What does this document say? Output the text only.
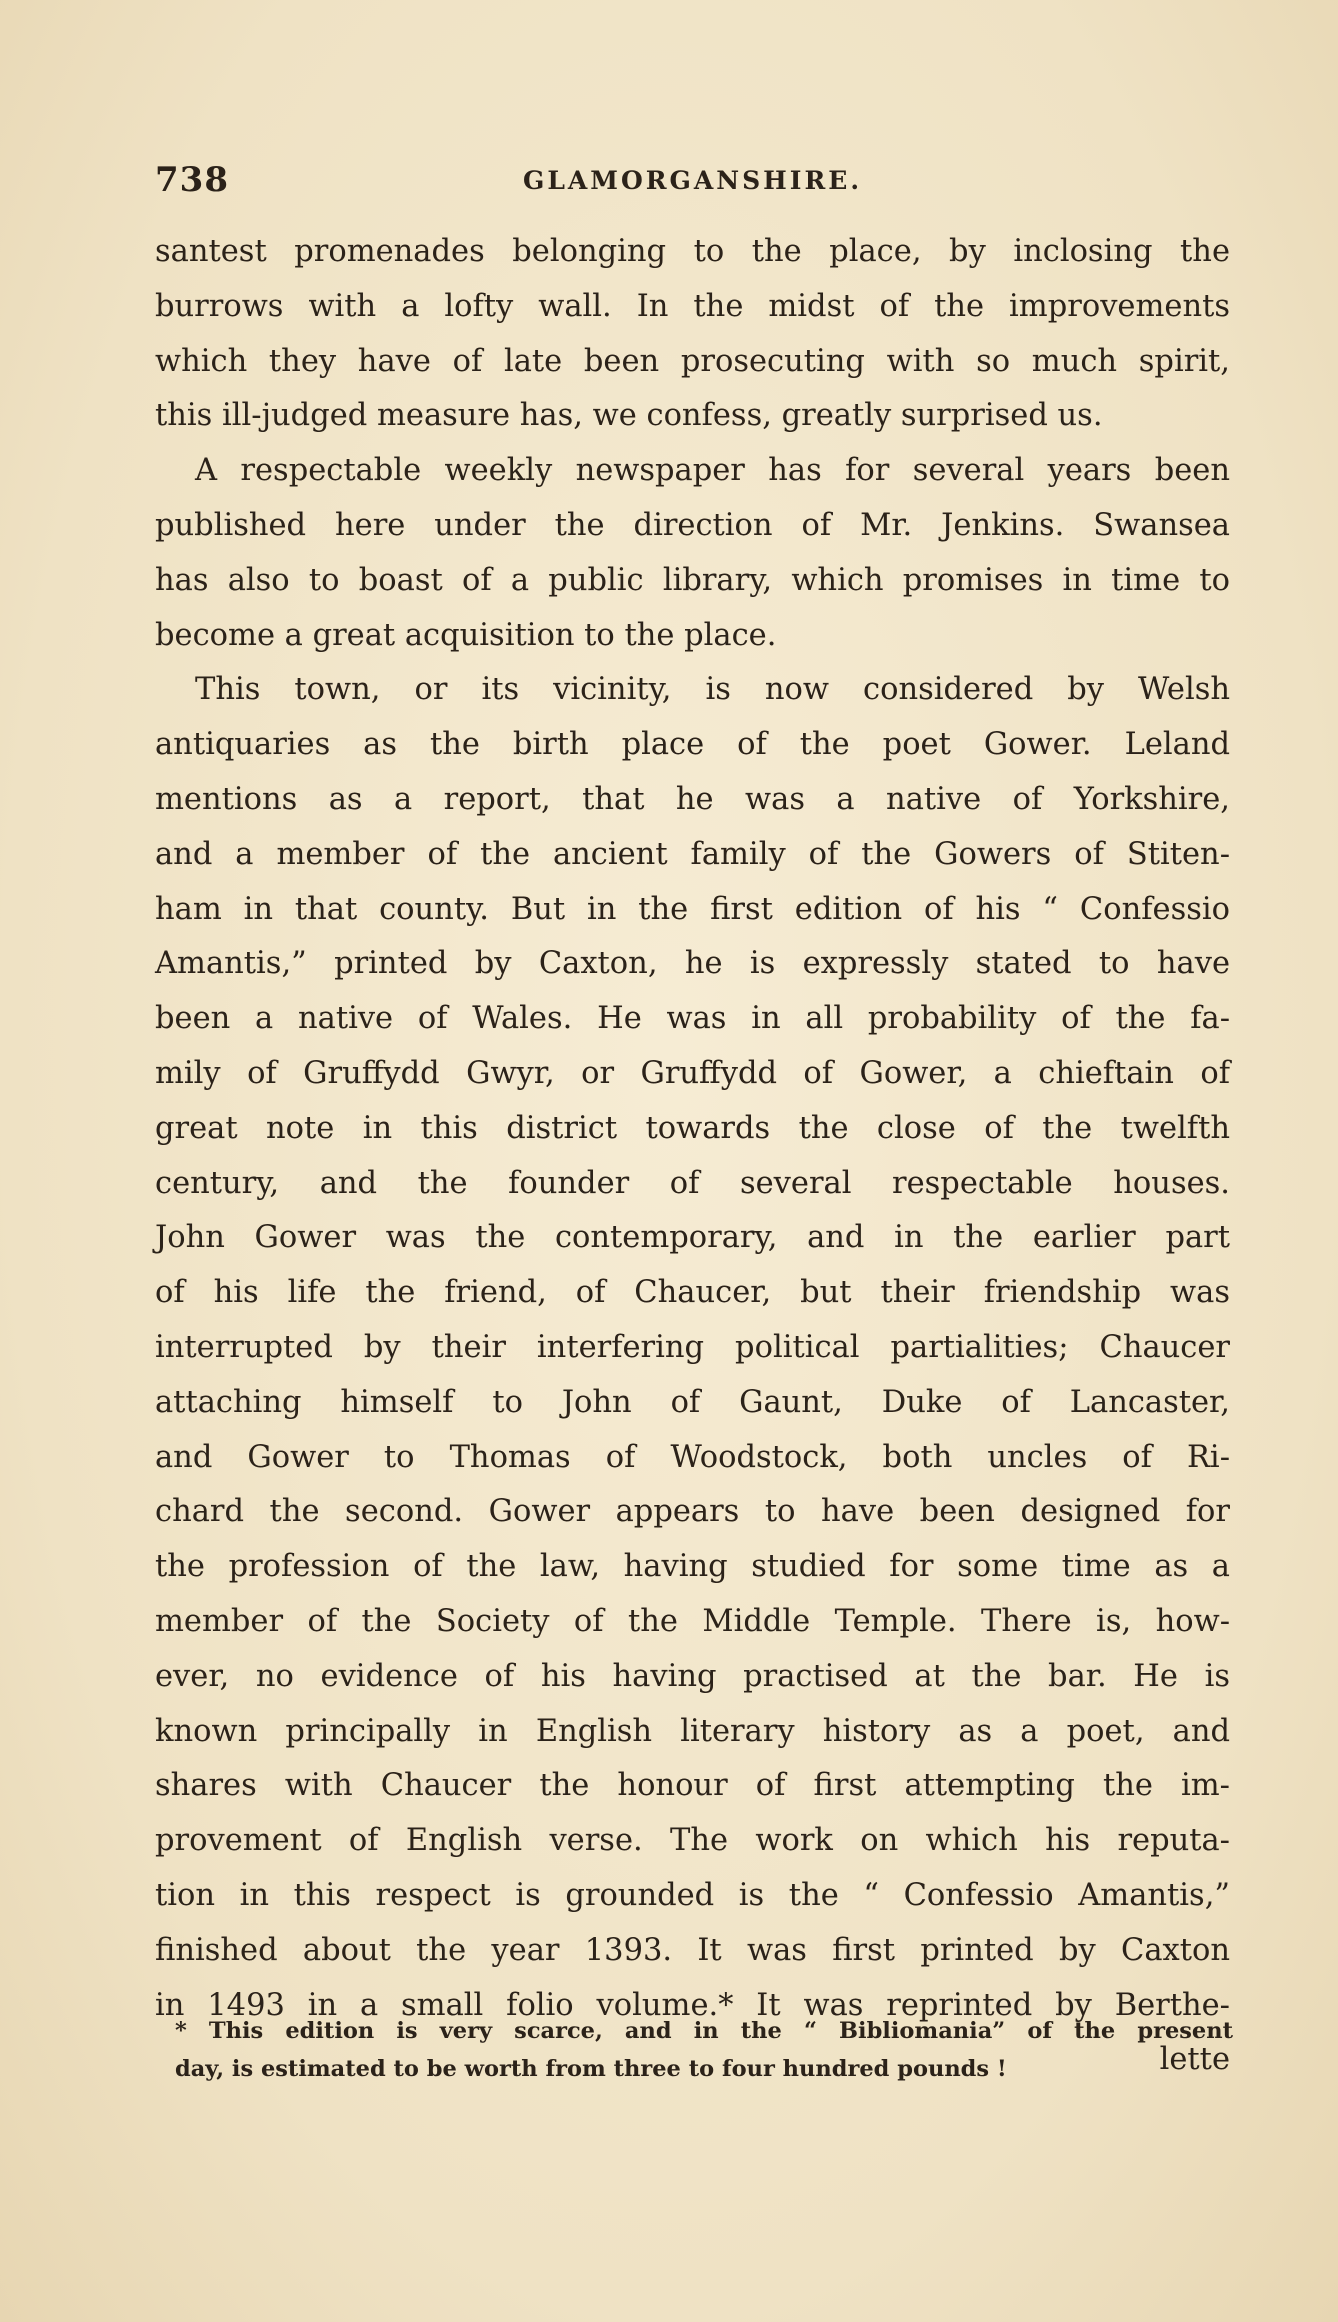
738	GLAMORGANSHIRE.
santest promenades belonging to the place, by inclosing the
burrows with a lofty wall. In the midst of the improvements
which they have of late been prosecuting with so much spirit,
this ill-judged measure has, we confess, greatly surprised us.
A respectable weekly newspaper has for several years been
published here under the direction of Mr. Jenkins. Swansea
has also to boast of a public library, which promises in time to
become a great acquisition to the place.
This town, or its vicinity, is now considered by Welsh
antiquaries as the birth place of the poet Gower. Leland
mentions as a report, that he was a native of Yorkshire,
and a member of the ancient family of the Gowers of Stiten-
ham in that county. But in the first edition of his “ Confessio
Amantis,” printed by Caxton, he is expressly stated to have
been a native of Wales. He was in all probability of the fa-
mily of Gruffydd Gwyr, or Gruffydd of Gower, a chieftain of
great note in this district towards the close of the twelfth
century, and the founder of several respectable houses.
John Gower was the contemporary, and in the earlier part
of his life the friend, of Chaucer, but their friendship was
interrupted by their interfering political partialities; Chaucer
attaching himself to John of Gaunt, Duke of Lancaster,
and Gower to Thomas of Woodstock, both uncles of Ri-
chard the second. Gower appears to have been designed for
the profession of the law, having studied for some time as a
member of the Society of the Middle Temple. There is, how-
ever, no evidence of his having practised at the bar. He is
known principally in English literary history as a poet, and
shares with Chaucer the honour of first attempting the im-
provement of English verse. The work on which his reputa-
tion in this respect is grounded is the “ Confessio Amantis,”
finished about the year 1393. It was first printed by Caxton
in 1493 in a small folio volume.* It was reprinted by Berthe-
lette
* This edition is very scarce, and in the “ Bibliomania” of the present
day, is estimated to be worth from three to four hundred pounds !
